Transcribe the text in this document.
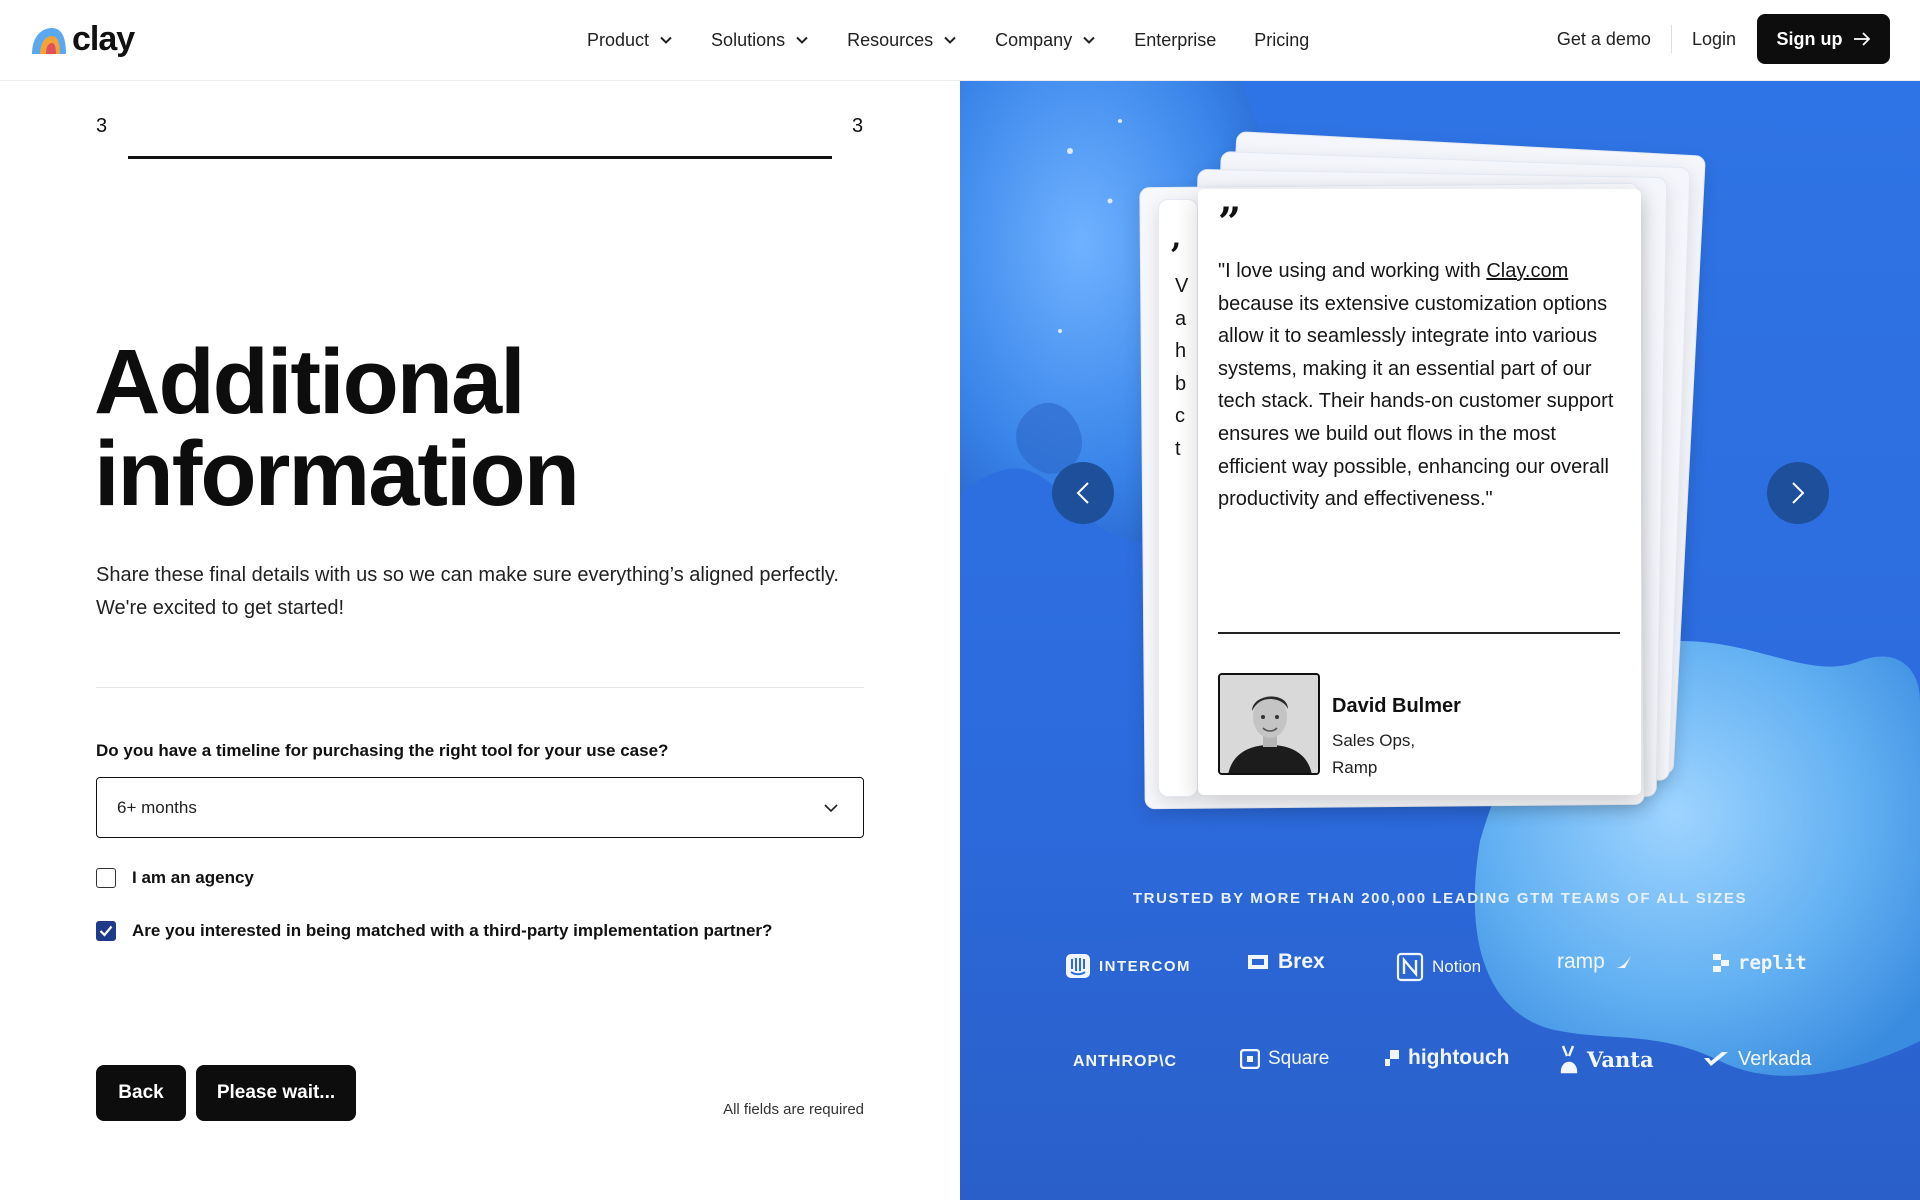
clay	Product	Solutions	Resources	Company	Enterprise Pricing	Get a demo Login Sign up
3	3
Additional
information
Share these final details with us so we can make sure everything’s aligned perfectly.
We're excited to get started!
Do you have a timeline for purchasing the right tool for your use case?
6+ months
I am an agency
Are you interested in being matched with a third-party implementation partner?
Back	Please wait...
All fields are required
,
V
a
h
b
c
t
”
"I love using and working with Clay.com because its extensive customization options allow it to seamlessly integrate into various systems, making it an essential part of our tech stack. Their hands-on customer support ensures we build out flows in the most efficient way possible, enhancing our overall productivity and effectiveness."
David Bulmer
Sales Ops,
Ramp
TRUSTED BY MORE THAN 200,000 LEADING GTM TEAMS OF ALL SIZES
INTERCOM	Brex	Notion	ramp	replit
ANTHROP\C	Square	hightouch	Vanta	Verkada
